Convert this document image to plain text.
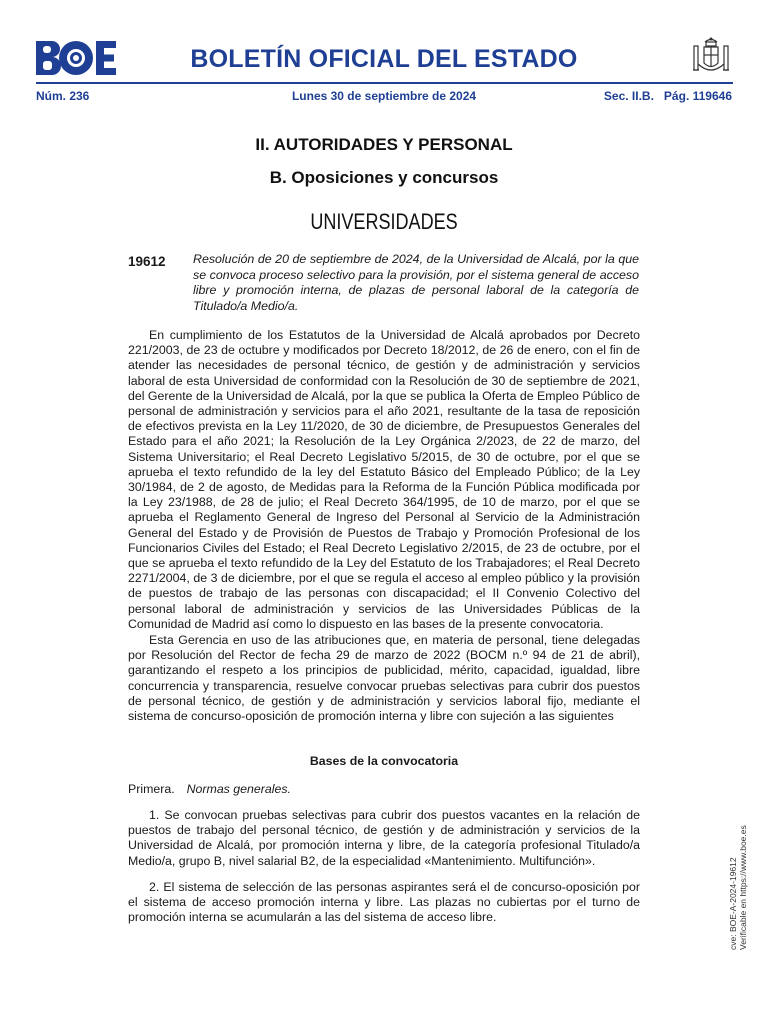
BOLETÍN OFICIAL DEL ESTADO
Núm. 236	Lunes 30 de septiembre de 2024	Sec. II.B.   Pág. 119646
II. AUTORIDADES Y PERSONAL
B. Oposiciones y concursos
UNIVERSIDADES
19612 Resolución de 20 de septiembre de 2024, de la Universidad de Alcalá, por la que se convoca proceso selectivo para la provisión, por el sistema general de acceso libre y promoción interna, de plazas de personal laboral de la categoría de Titulado/a Medio/a.

En cumplimiento de los Estatutos de la Universidad de Alcalá aprobados por Decreto 221/2003, de 23 de octubre y modificados por Decreto 18/2012, de 26 de enero, con el fin de atender las necesidades de personal técnico, de gestión y de administración y servicios laboral de esta Universidad de conformidad con la Resolución de 30 de septiembre de 2021, del Gerente de la Universidad de Alcalá, por la que se publica la Oferta de Empleo Público de personal de administración y servicios para el año 2021, resultante de la tasa de reposición de efectivos prevista en la Ley 11/2020, de 30 de diciembre, de Presupuestos Generales del Estado para el año 2021; la Resolución de la Ley Orgánica 2/2023, de 22 de marzo, del Sistema Universitario; el Real Decreto Legislativo 5/2015, de 30 de octubre, por el que se aprueba el texto refundido de la ley del Estatuto Básico del Empleado Público; de la Ley 30/1984, de 2 de agosto, de Medidas para la Reforma de la Función Pública modificada por la Ley 23/1988, de 28 de julio; el Real Decreto 364/1995, de 10 de marzo, por el que se aprueba el Reglamento General de Ingreso del Personal al Servicio de la Administración General del Estado y de Provisión de Puestos de Trabajo y Promoción Profesional de los Funcionarios Civiles del Estado; el Real Decreto Legislativo 2/2015, de 23 de octubre, por el que se aprueba el texto refundido de la Ley del Estatuto de los Trabajadores; el Real Decreto 2271/2004, de 3 de diciembre, por el que se regula el acceso al empleo público y la provisión de puestos de trabajo de las personas con discapacidad; el II Convenio Colectivo del personal laboral de administración y servicios de las Universidades Públicas de la Comunidad de Madrid así como lo dispuesto en las bases de la presente convocatoria.

Esta Gerencia en uso de las atribuciones que, en materia de personal, tiene delegadas por Resolución del Rector de fecha 29 de marzo de 2022 (BOCM n.º 94 de 21 de abril), garantizando el respeto a los principios de publicidad, mérito, capacidad, igualdad, libre concurrencia y transparencia, resuelve convocar pruebas selectivas para cubrir dos puestos de personal técnico, de gestión y de administración y servicios laboral fijo, mediante el sistema de concurso-oposición de promoción interna y libre con sujeción a las siguientes

Bases de la convocatoria
Primera. Normas generales.

1. Se convocan pruebas selectivas para cubrir dos puestos vacantes en la relación de puestos de trabajo del personal técnico, de gestión y de administración y servicios de la Universidad de Alcalá, por promoción interna y libre, de la categoría profesional Titulado/a Medio/a, grupo B, nivel salarial B2, de la especialidad «Mantenimiento. Multifunción».

2. El sistema de selección de las personas aspirantes será el de concurso-oposición por el sistema de acceso promoción interna y libre. Las plazas no cubiertas por el turno de promoción interna se acumularán a las del sistema de acceso libre.	cve: BOE-A-2024-19612 Verificable en https://www.boe.es
